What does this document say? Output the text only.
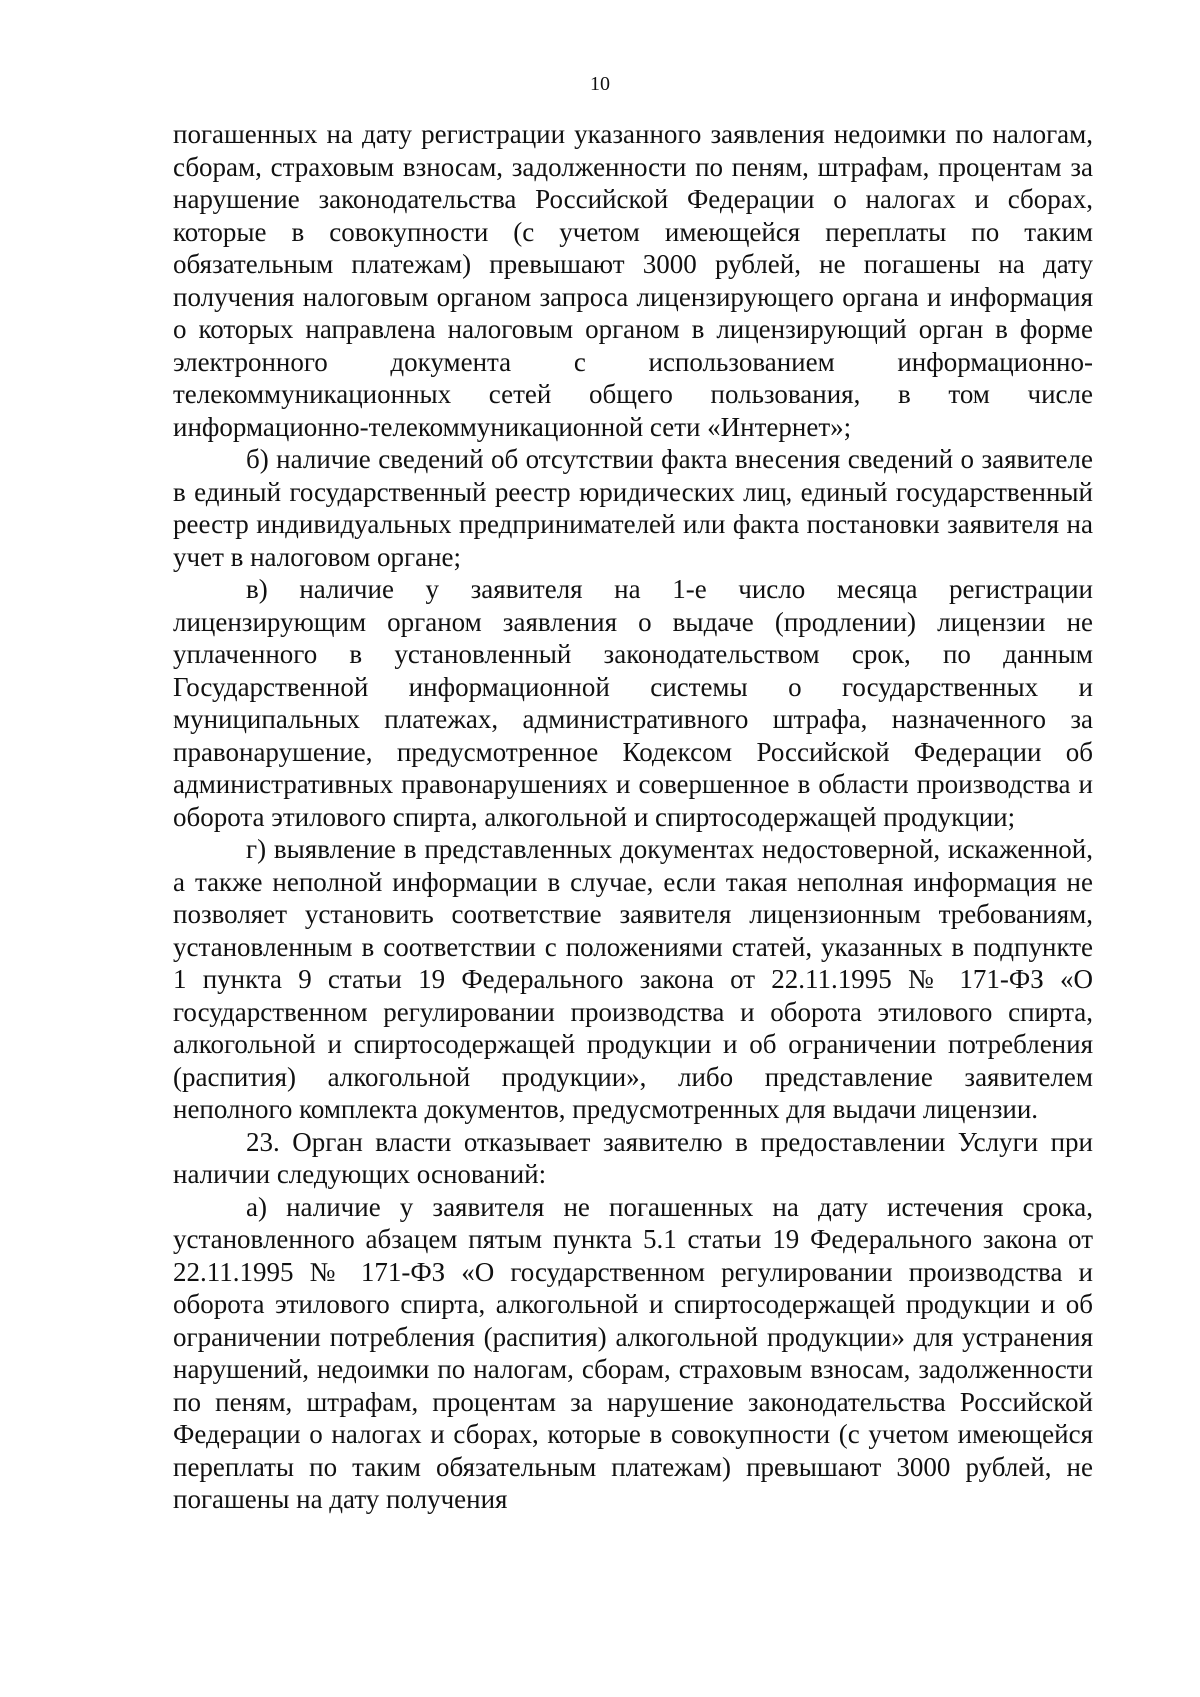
10

погашенных на дату регистрации указанного заявления недоимки по налогам, сборам, страховым взносам, задолженности по пеням, штрафам, процентам за нарушение законодательства Российской Федерации о налогах и сборах, которые в совокупности (с учетом имеющейся переплаты по таким обязательным платежам) превышают 3000 рублей, не погашены на дату получения налоговым органом запроса лицензирующего органа и информация о которых направлена налоговым органом в лицензирующий орган в форме электронного документа с использованием информационно-телекоммуникационных сетей общего пользования, в том числе информационно-телекоммуникационной сети «Интернет»;

б) наличие сведений об отсутствии факта внесения сведений о заявителе в единый государственный реестр юридических лиц, единый государственный реестр индивидуальных предпринимателей или факта постановки заявителя на учет в налоговом органе;

в) наличие у заявителя на 1-е число месяца регистрации лицензирующим органом заявления о выдаче (продлении) лицензии не уплаченного в установленный законодательством срок, по данным Государственной информационной системы о государственных и муниципальных платежах, административного штрафа, назначенного за правонарушение, предусмотренное Кодексом Российской Федерации об административных правонарушениях и совершенное в области производства и оборота этилового спирта, алкогольной и спиртосодержащей продукции;

г) выявление в представленных документах недостоверной, искаженной, а также неполной информации в случае, если такая неполная информация не позволяет установить соответствие заявителя лицензионным требованиям, установленным в соответствии с положениями статей, указанных в подпункте 1 пункта 9 статьи 19 Федерального закона от 22.11.1995 № 171-ФЗ «О государственном регулировании производства и оборота этилового спирта, алкогольной и спиртосодержащей продукции и об ограничении потребления (распития) алкогольной продукции», либо представление заявителем неполного комплекта документов, предусмотренных для выдачи лицензии.

23. Орган власти отказывает заявителю в предоставлении Услуги при наличии следующих оснований:

а) наличие у заявителя не погашенных на дату истечения срока, установленного абзацем пятым пункта 5.1 статьи 19 Федерального закона от 22.11.1995 № 171-ФЗ «О государственном регулировании производства и оборота этилового спирта, алкогольной и спиртосодержащей продукции и об ограничении потребления (распития) алкогольной продукции» для устранения нарушений, недоимки по налогам, сборам, страховым взносам, задолженности по пеням, штрафам, процентам за нарушение законодательства Российской Федерации о налогах и сборах, которые в совокупности (с учетом имеющейся переплаты по таким обязательным платежам) превышают 3000 рублей, не погашены на дату получения
